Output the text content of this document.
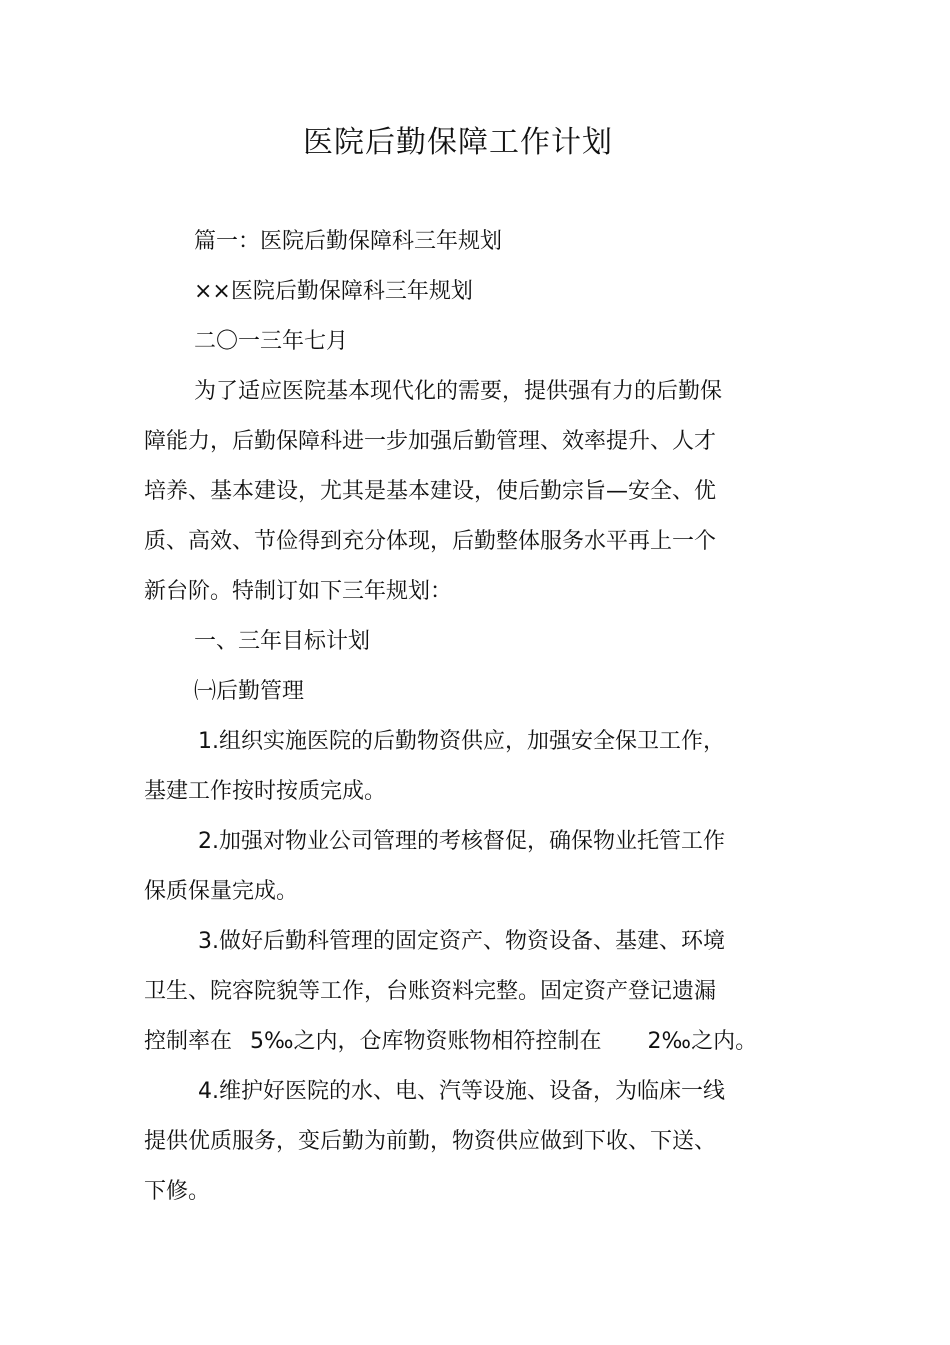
医院后勤保障工作计划
篇一：医院后勤保障科三年规划
××医院后勤保障科三年规划
二〇一三年七月
为了适应医院基本现代化的需要，提供强有力的后勤保
障能力，后勤保障科进一步加强后勤管理、效率提升、人才
培养、基本建设，尤其是基本建设，使后勤宗旨—安全、优
质、高效、节俭得到充分体现，后勤整体服务水平再上一个
新台阶。特制订如下三年规划：
一、三年目标计划
㈠后勤管理
1.组织实施医院的后勤物资供应，加强安全保卫工作，
基建工作按时按质完成。
2.加强对物业公司管理的考核督促，确保物业托管工作
保质保量完成。
3.做好后勤科管理的固定资产、物资设备、基建、环境
卫生、院容院貌等工作，台账资料完整。固定资产登记遗漏
控制率在 5‰之内，仓库物资账物相符控制在 2‰之内。
4.维护好医院的水、电、汽等设施、设备，为临床一线
提供优质服务，变后勤为前勤，物资供应做到下收、下送、
下修。
